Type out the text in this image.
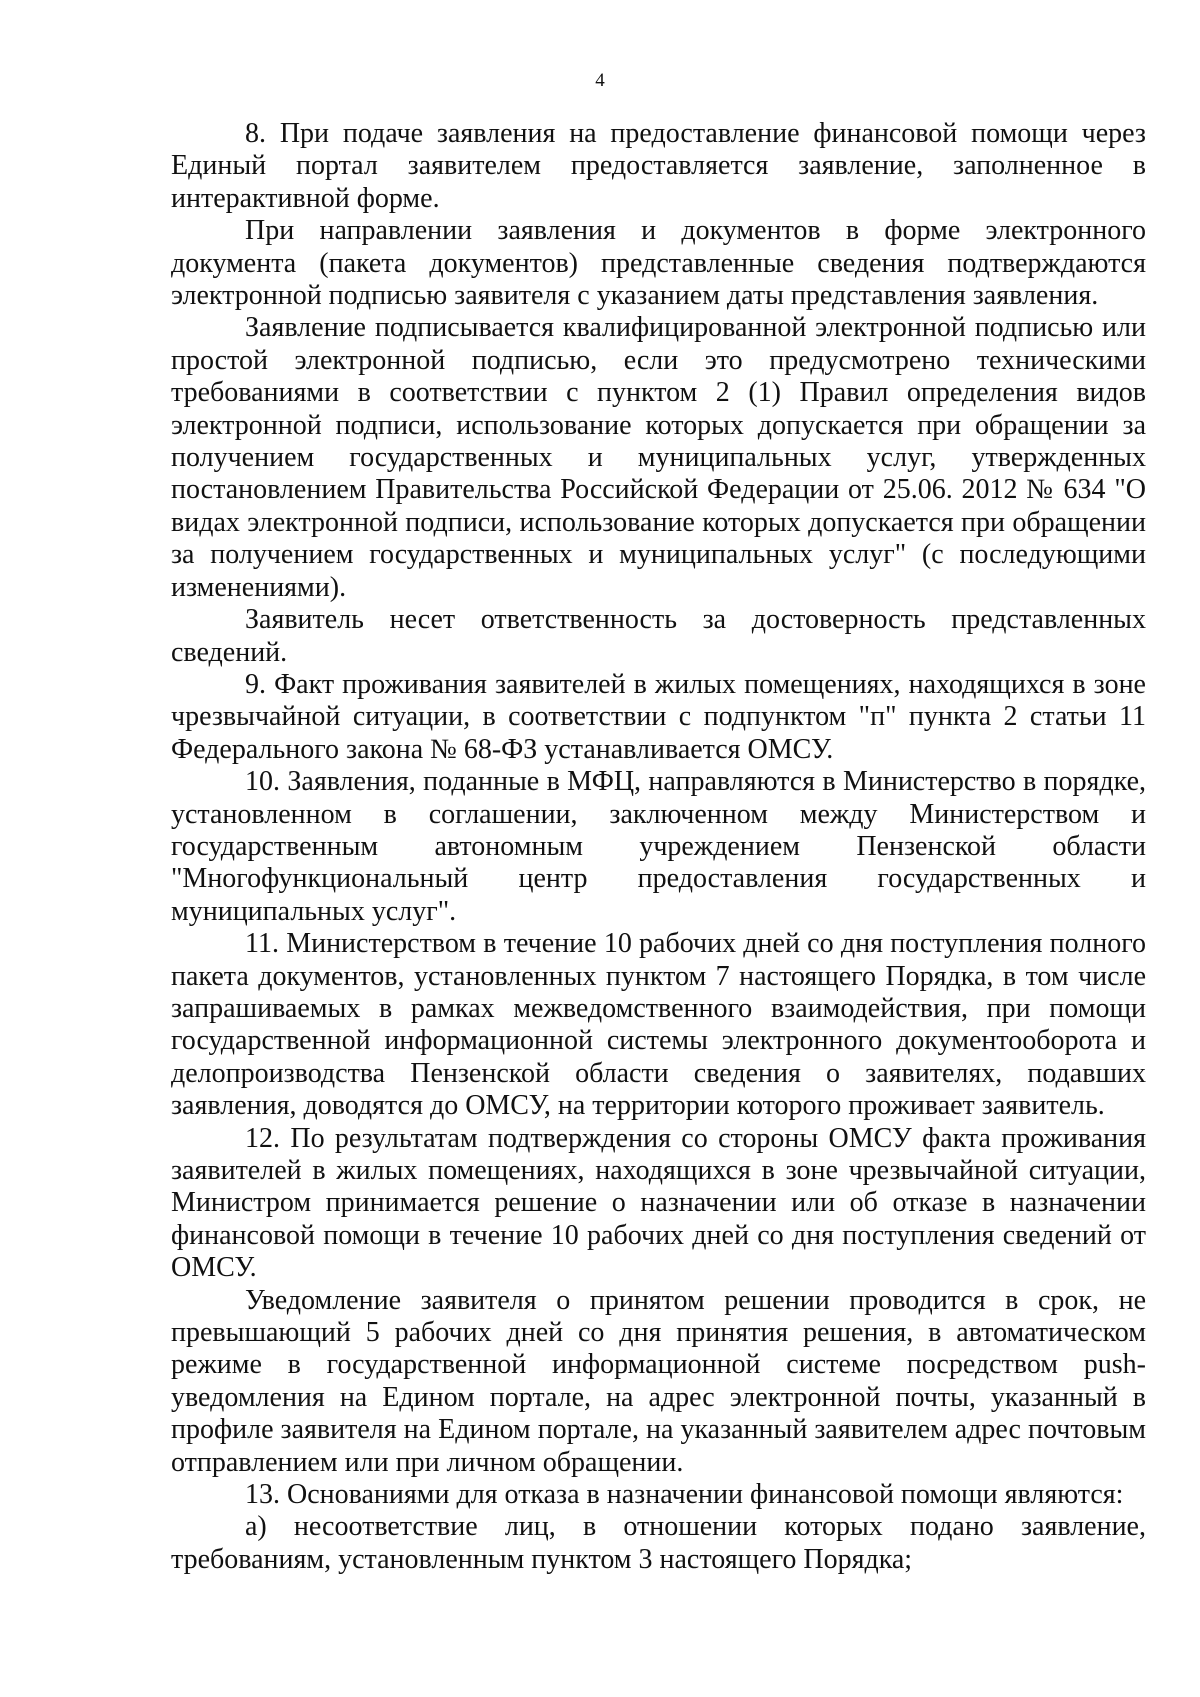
4

8. При подаче заявления на предоставление финансовой помощи через Единый портал заявителем предоставляется заявление, заполненное в интерактивной форме.

При направлении заявления и документов в форме электронного документа (пакета документов) представленные сведения подтверждаются электронной подписью заявителя с указанием даты представления заявления.

Заявление подписывается квалифицированной электронной подписью или простой электронной подписью, если это предусмотрено техническими требованиями в соответствии с пунктом 2 (1) Правил определения видов электронной подписи, использование которых допускается при обращении за получением государственных и муниципальных услуг, утвержденных постановлением Правительства Российской Федерации от 25.06. 2012 № 634 "О видах электронной подписи, использование которых допускается при обращении за получением государственных и муниципальных услуг" (с последующими изменениями).

Заявитель несет ответственность за достоверность представленных сведений.

9. Факт проживания заявителей в жилых помещениях, находящихся в зоне чрезвычайной ситуации, в соответствии с подпунктом "п" пункта 2 статьи 11 Федерального закона № 68-ФЗ устанавливается ОМСУ.

10. Заявления, поданные в МФЦ, направляются в Министерство в порядке, установленном в соглашении, заключенном между Министерством и государственным автономным учреждением Пензенской области "Многофункциональный центр предоставления государственных и муниципальных услуг".

11. Министерством в течение 10 рабочих дней со дня поступления полного пакета документов, установленных пунктом 7 настоящего Порядка, в том числе запрашиваемых в рамках межведомственного взаимодействия, при помощи государственной информационной системы электронного документооборота и делопроизводства Пензенской области сведения о заявителях, подавших заявления, доводятся до ОМСУ, на территории которого проживает заявитель.

12. По результатам подтверждения со стороны ОМСУ факта проживания заявителей в жилых помещениях, находящихся в зоне чрезвычайной ситуации, Министром принимается решение о назначении или об отказе в назначении финансовой помощи в течение 10 рабочих дней со дня поступления сведений от ОМСУ.

Уведомление заявителя о принятом решении проводится в срок, не превышающий 5 рабочих дней со дня принятия решения, в автоматическом режиме в государственной информационной системе посредством push-уведомления на Едином портале, на адрес электронной почты, указанный в профиле заявителя на Едином портале, на указанный заявителем адрес почтовым отправлением или при личном обращении.

13. Основаниями для отказа в назначении финансовой помощи являются:

а) несоответствие лиц, в отношении которых подано заявление, требованиям, установленным пунктом 3 настоящего Порядка;
